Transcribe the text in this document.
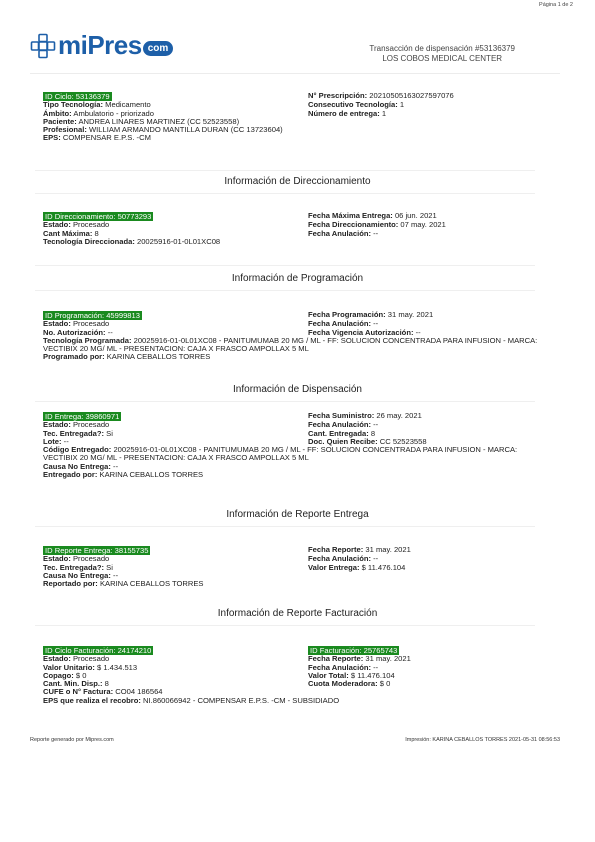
Página 1 de 2
miPres com	Transacción de dispensación #53136379
LOS COBOS MEDICAL CENTER
ID Ciclo: 53136379	N° Prescripción: 20210505163027597076
Tipo Tecnología: Medicamento	Consecutivo Tecnología: 1
Ámbito: Ambulatorio - priorizado	Número de entrega: 1
Paciente: ANDREA LINARES MARTINEZ (CC 52523558)
Profesional: WILLIAM ARMANDO MANTILLA DURAN (CC 13723604)
EPS: COMPENSAR E.P.S. -CM
Información de Direccionamiento
ID Direccionamiento: 50773293	Fecha Máxima Entrega: 06 jun. 2021
Estado: Procesado	Fecha Direccionamiento: 07 may. 2021
Cant Máxima: 8	Fecha Anulación: --
Tecnología Direccionada: 20025916-01-0L01XC08
Información de Programación
ID Programación: 45999813	Fecha Programación: 31 may. 2021
Estado: Procesado	Fecha Anulación: --
No. Autorización: --	Fecha Vigencia Autorización: --
Tecnología Programada: 20025916-01-0L01XC08 - PANITUMUMAB 20 MG / ML - FF: SOLUCION CONCENTRADA PARA INFUSION - MARCA: VECTIBIX 20 MG/ ML - PRESENTACION: CAJA X FRASCO AMPOLLAX 5 ML
Programado por: KARINA CEBALLOS TORRES
Información de Dispensación
ID Entrega: 39860971	Fecha Suministro: 26 may. 2021
Estado: Procesado	Fecha Anulación: --
Tec. Entregada?: Si	Cant. Entregada: 8
Lote: --	Doc. Quien Recibe: CC 52523558
Código Entregado: 20025916-01-0L01XC08 - PANITUMUMAB 20 MG / ML - FF: SOLUCION CONCENTRADA PARA INFUSION - MARCA: VECTIBIX 20 MG/ ML - PRESENTACION: CAJA X FRASCO AMPOLLAX 5 ML
Causa No Entrega: --
Entregado por: KARINA CEBALLOS TORRES
Información de Reporte Entrega
ID Reporte Entrega: 38155735	Fecha Reporte: 31 may. 2021
Estado: Procesado	Fecha Anulación: --
Tec. Entregada?: Si	Valor Entrega: $ 11.476.104
Causa No Entrega: --
Reportado por: KARINA CEBALLOS TORRES
Información de Reporte Facturación
ID Ciclo Facturación: 24174210	ID Facturación: 25765743
Estado: Procesado	Fecha Reporte: 31 may. 2021
Valor Unitario: $ 1.434.513	Fecha Anulación: --
Copago: $ 0	Valor Total: $ 11.476.104
Cant. Min. Disp.: 8	Cuota Moderadora: $ 0
CUFE o N° Factura: CO04 186564
EPS que realiza el recobro: NI.860066942 - COMPENSAR E.P.S. -CM - SUBSIDIADO
Reporte generado por Mipres.com	Impresión: KARINA CEBALLOS TORRES 2021-05-31 08:56:53
